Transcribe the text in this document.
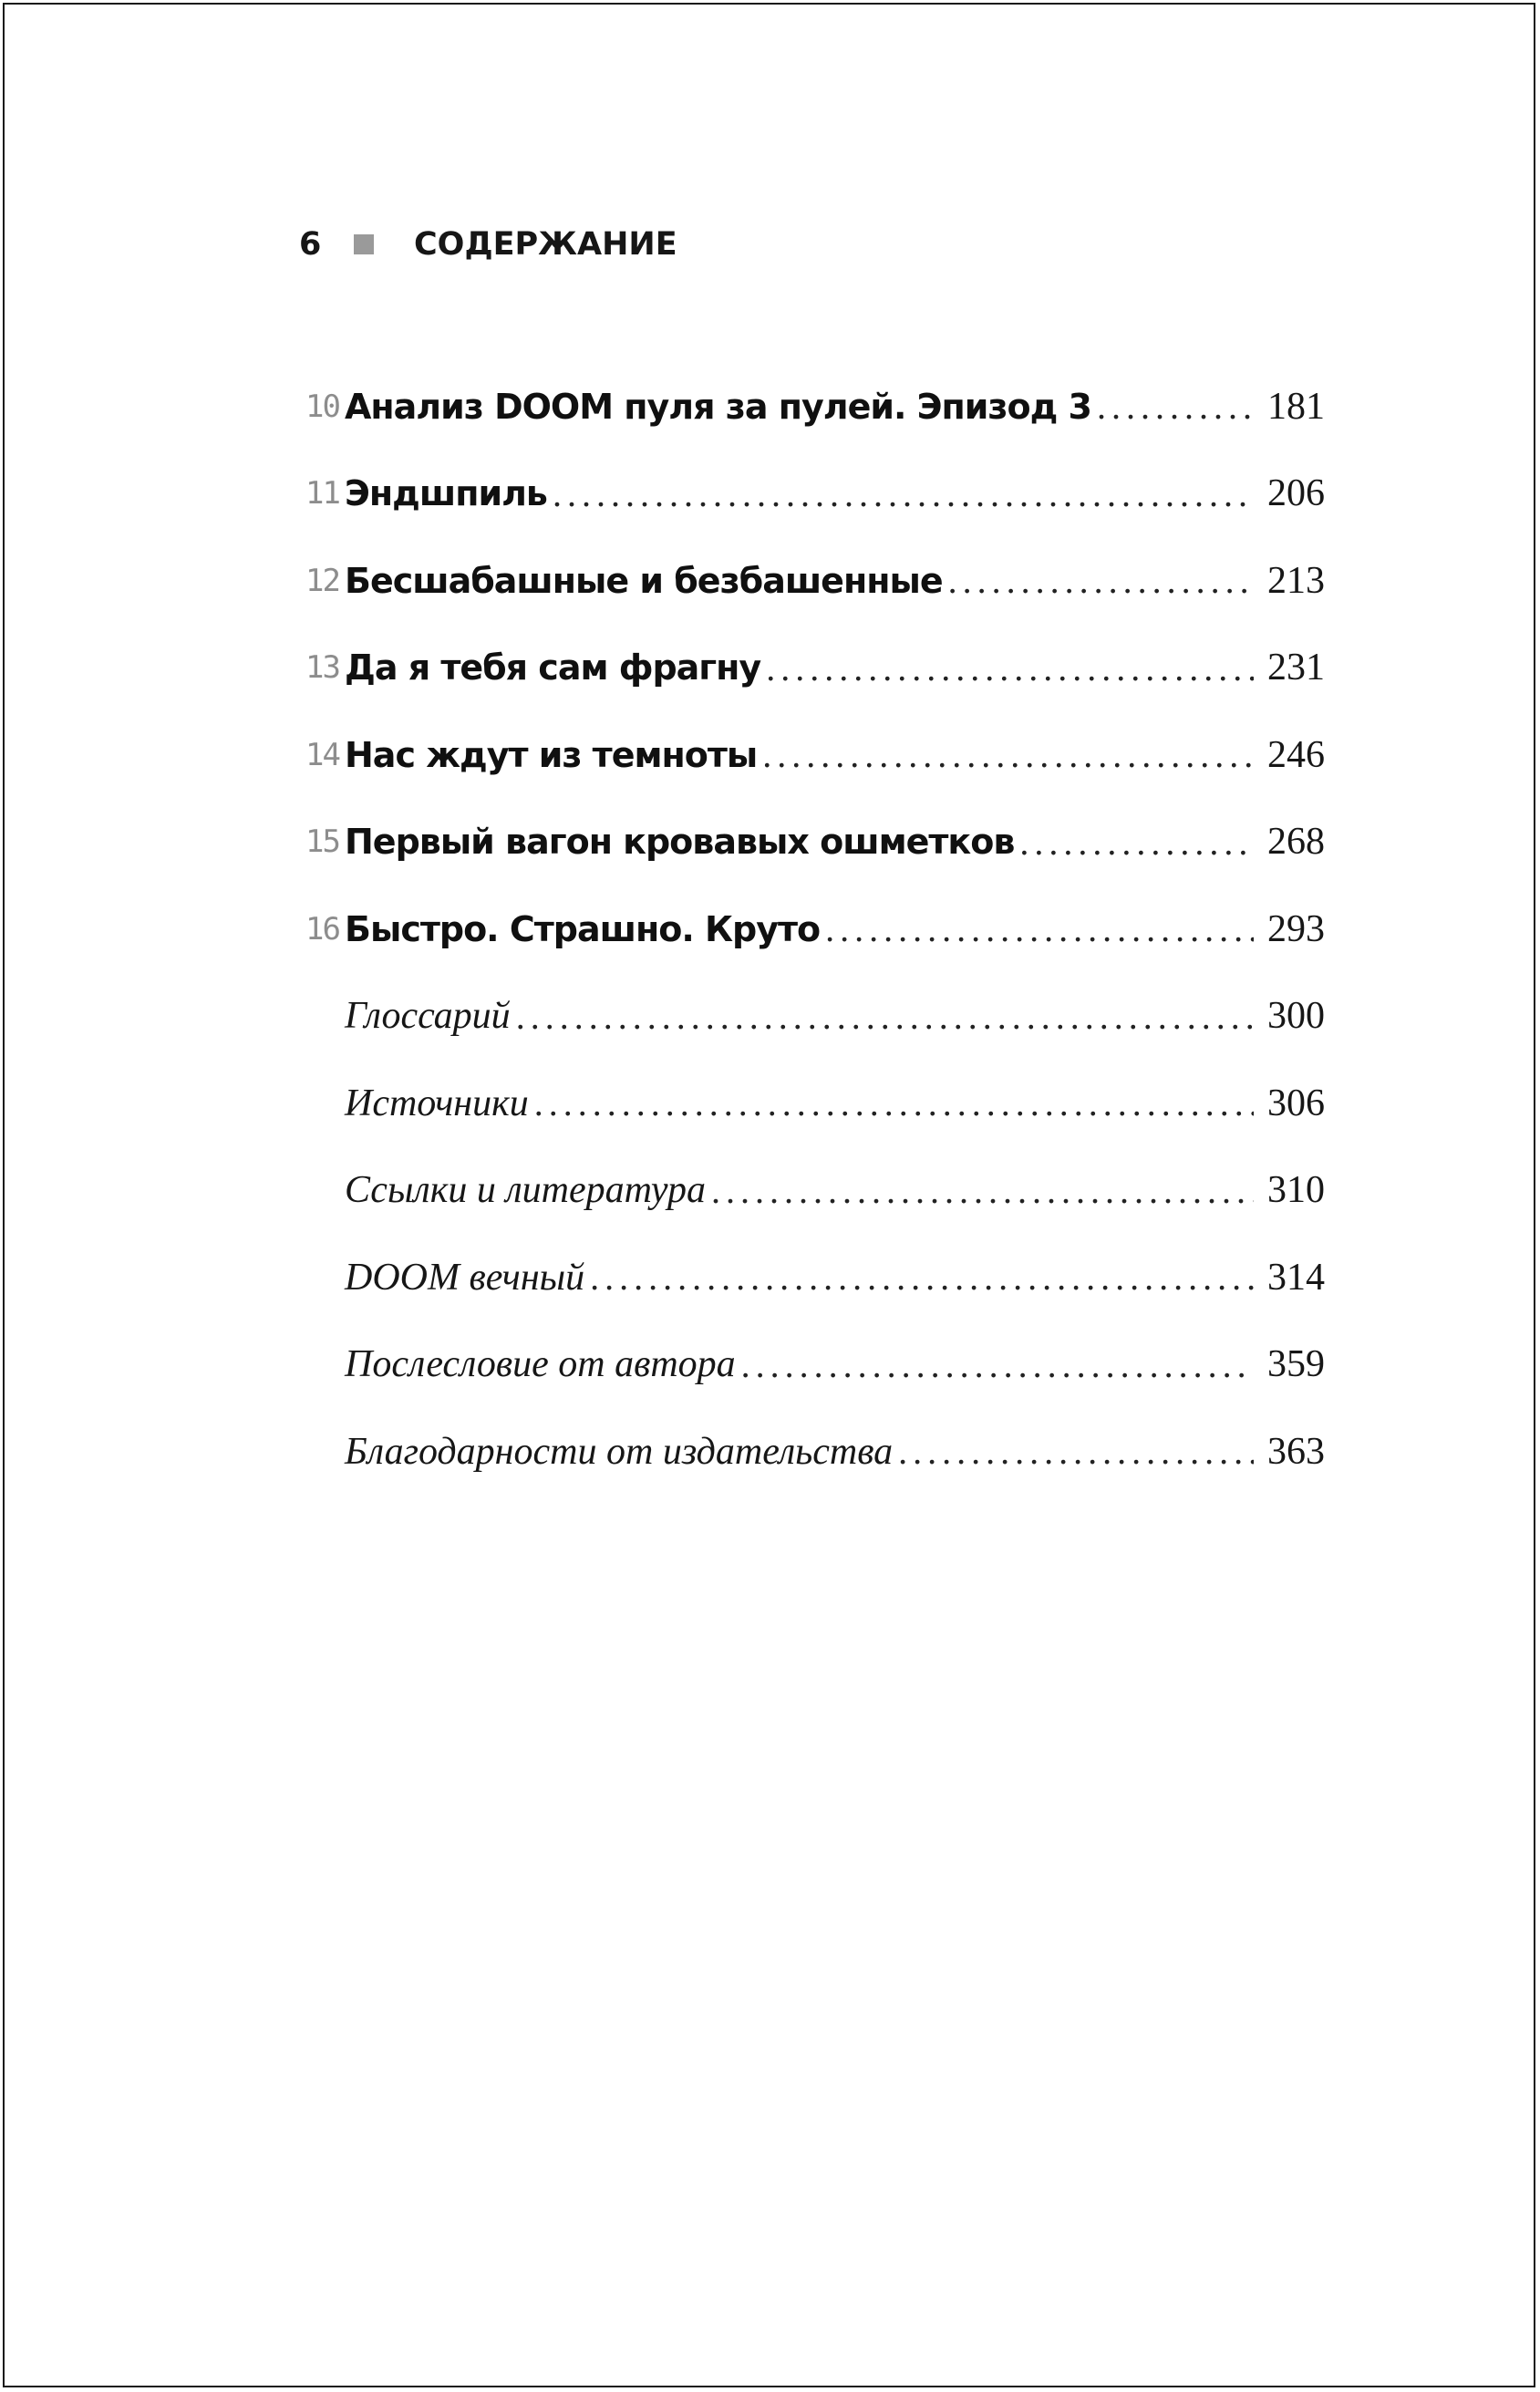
6	СОДЕРЖАНИЕ
10 Анализ DOOM пуля за пулей. Эпизод 3 . . .	181
11 Эндшпиль . . .	206
12 Бесшабашные и безбашенные . . .	213
13 Да я тебя сам фрагну . . .	231
14 Нас ждут из темноты . . .	246
15 Первый вагон кровавых ошметков . . .	268
16 Быстро. Страшно. Круто . . .	293
Глоссарий . . .	300
Источники . . .	306
Ссылки и литература . . .	310
DOOM вечный . . .	314
Послесловие от автора . . .	359
Благодарности от издательства . . .	363
